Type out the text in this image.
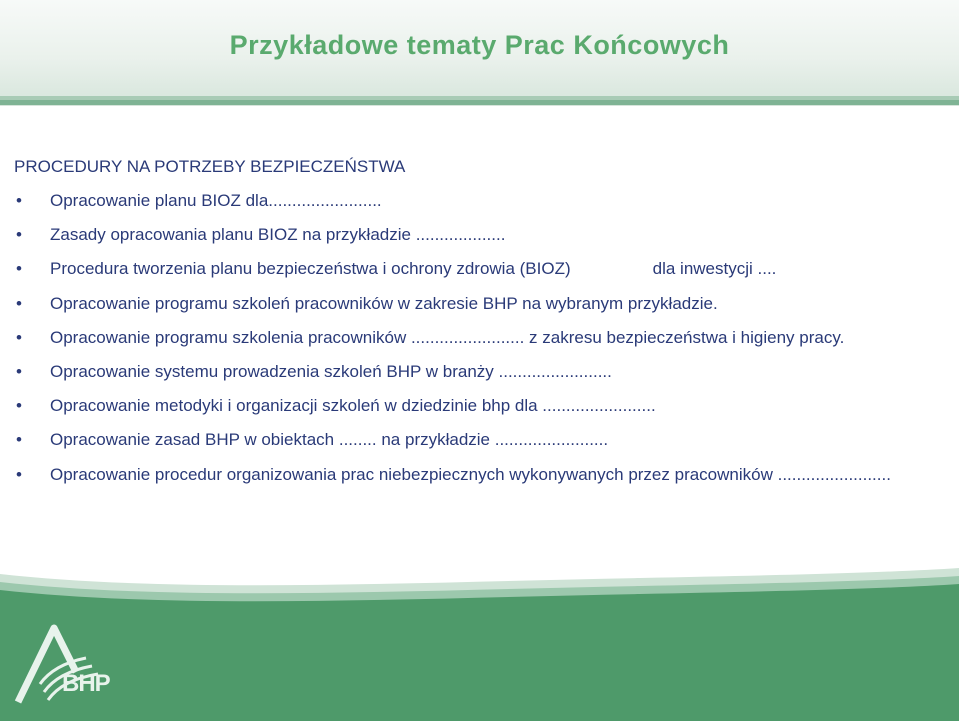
Przykładowe tematy Prac Końcowych
PROCEDURY NA POTRZEBY BEZPIECZEŃSTWA
• Opracowanie planu BIOZ dla........................
• Zasady opracowania planu BIOZ na przykładzie ...................
• Procedura tworzenia planu bezpieczeństwa i ochrony zdrowia (BIOZ)	dla inwestycji ....
• Opracowanie programu szkoleń pracowników w zakresie BHP na wybranym przykładzie.
• Opracowanie programu szkolenia pracowników ........................ z zakresu bezpieczeństwa i higieny pracy.
• Opracowanie systemu prowadzenia szkoleń BHP w branży ........................
• Opracowanie metodyki i organizacji szkoleń w dziedzinie bhp dla ........................
• Opracowanie zasad BHP w obiektach ........ na przykładzie ........................
• Opracowanie procedur organizowania prac niebezpiecznych wykonywanych przez pracowników ........................
BHP
